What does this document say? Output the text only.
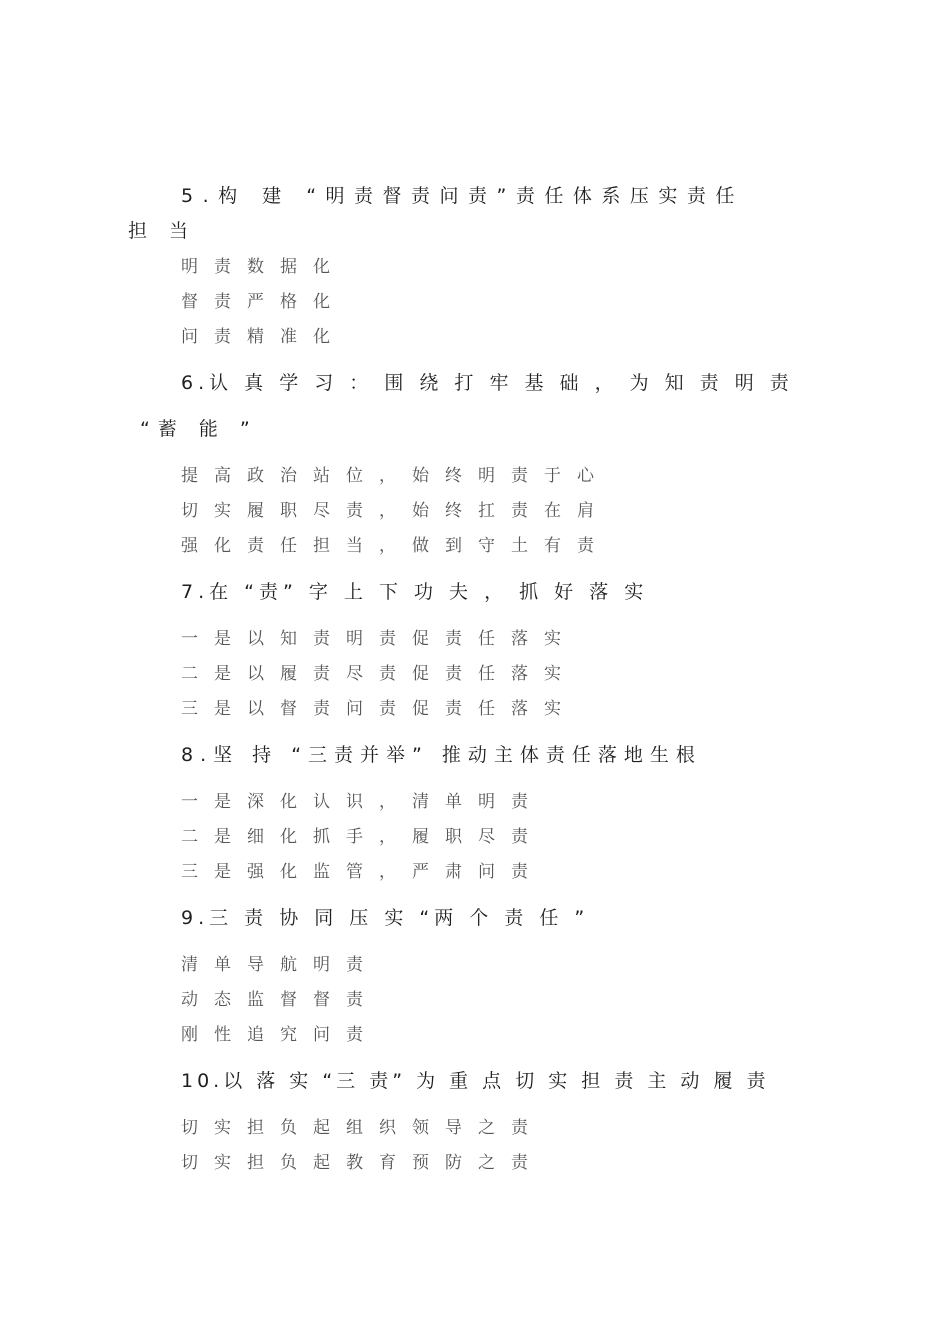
5.构 建 “明责督责问责”责任体系压实责任
担 当
明责数据化
督责严格化
问责精准化
6.认 真 学 习 ： 围 绕 打 牢 基 础 ， 为 知 责 明 责
“蓄 能 ”
提高政治站位，始终明责于心
切实履职尽责，始终扛责在肩
强化责任担当，做到守土有责
7.在 “责” 字 上 下 功 夫 ， 抓 好 落 实
一是以知责明责促责任落实
二是以履责尽责促责任落实
三是以督责问责促责任落实
8.坚 持 “三责并举” 推动主体责任落地生根
一是深化认识，清单明责
二是细化抓手，履职尽责
三是强化监管，严肃问责
9.三 责 协 同 压 实 “两 个 责 任 ”
清单导航明责
动态监督督责
刚性追究问责
10.以 落 实 “三 责” 为 重 点 切 实 担 责 主 动 履 责
切实担负起组织领导之责
切实担负起教育预防之责
